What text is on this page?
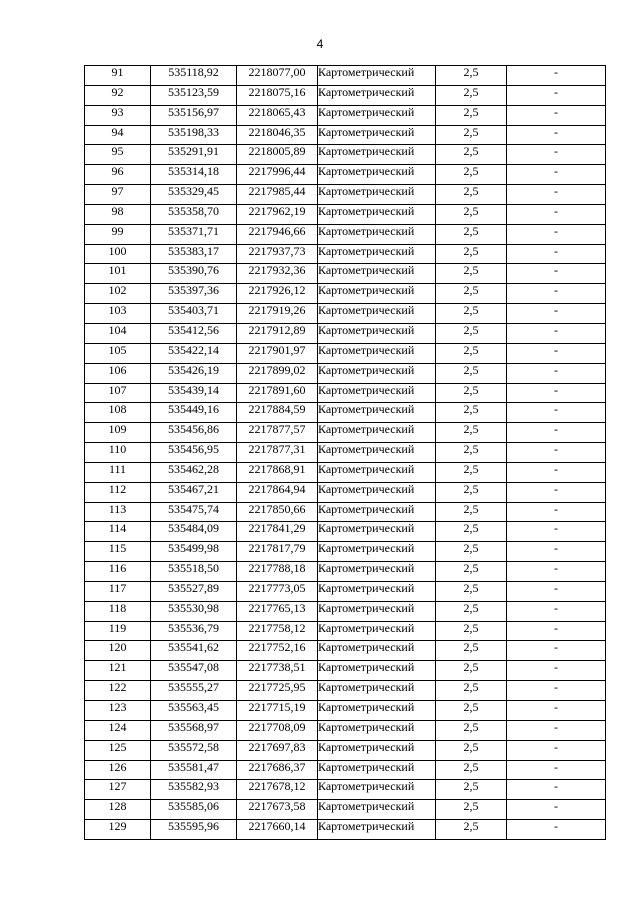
4
91	535118,92	2218077,00	Картометрический	2,5	-
92	535123,59	2218075,16	Картометрический	2,5	-
93	535156,97	2218065,43	Картометрический	2,5	-
94	535198,33	2218046,35	Картометрический	2,5	-
95	535291,91	2218005,89	Картометрический	2,5	-
96	535314,18	2217996,44	Картометрический	2,5	-
97	535329,45	2217985,44	Картометрический	2,5	-
98	535358,70	2217962,19	Картометрический	2,5	-
99	535371,71	2217946,66	Картометрический	2,5	-
100	535383,17	2217937,73	Картометрический	2,5	-
101	535390,76	2217932,36	Картометрический	2,5	-
102	535397,36	2217926,12	Картометрический	2,5	-
103	535403,71	2217919,26	Картометрический	2,5	-
104	535412,56	2217912,89	Картометрический	2,5	-
105	535422,14	2217901,97	Картометрический	2,5	-
106	535426,19	2217899,02	Картометрический	2,5	-
107	535439,14	2217891,60	Картометрический	2,5	-
108	535449,16	2217884,59	Картометрический	2,5	-
109	535456,86	2217877,57	Картометрический	2,5	-
110	535456,95	2217877,31	Картометрический	2,5	-
111	535462,28	2217868,91	Картометрический	2,5	-
112	535467,21	2217864,94	Картометрический	2,5	-
113	535475,74	2217850,66	Картометрический	2,5	-
114	535484,09	2217841,29	Картометрический	2,5	-
115	535499,98	2217817,79	Картометрический	2,5	-
116	535518,50	2217788,18	Картометрический	2,5	-
117	535527,89	2217773,05	Картометрический	2,5	-
118	535530,98	2217765,13	Картометрический	2,5	-
119	535536,79	2217758,12	Картометрический	2,5	-
120	535541,62	2217752,16	Картометрический	2,5	-
121	535547,08	2217738,51	Картометрический	2,5	-
122	535555,27	2217725,95	Картометрический	2,5	-
123	535563,45	2217715,19	Картометрический	2,5	-
124	535568,97	2217708,09	Картометрический	2,5	-
125	535572,58	2217697,83	Картометрический	2,5	-
126	535581,47	2217686,37	Картометрический	2,5	-
127	535582,93	2217678,12	Картометрический	2,5	-
128	535585,06	2217673,58	Картометрический	2,5	-
129	535595,96	2217660,14	Картометрический	2,5	-
